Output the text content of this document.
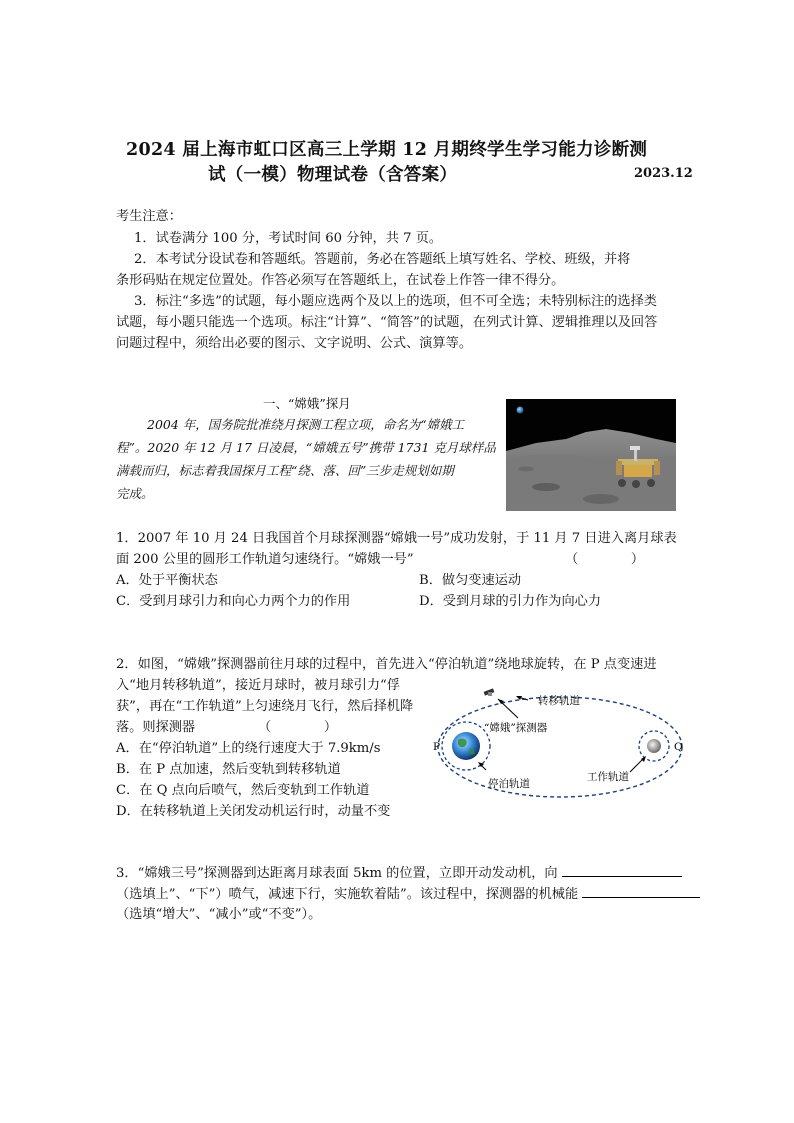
2024 届上海市虹口区高三上学期 12 月期终学生学习能力诊断测
试（一模）物理试卷（含答案）	2023.12
考生注意：
1．试卷满分 100 分，考试时间 60 分钟，共 7 页。
2．本考试分设试卷和答题纸。答题前，务必在答题纸上填写姓名、学校、班级，并将
条形码贴在规定位置处。作答必须写在答题纸上，在试卷上作答一律不得分。
3．标注“多选”的试题，每小题应选两个及以上的选项，但不可全选；未特别标注的选择类
试题，每小题只能选一个选项。标注“计算”、“简答”的试题，在列式计算、逻辑推理以及回答
问题过程中，须给出必要的图示、文字说明、公式、演算等。
一、“嫦娥”探月
2004 年，国务院批准绕月探测工程立项，命名为“嫦娥工
程”。2020 年 12 月 17 日凌晨，“嫦娥五号”携带 1731 克月球样品
满载而归，标志着我国探月工程“绕、落、回”三步走规划如期
完成。
1．2007 年 10 月 24 日我国首个月球探测器“嫦娥一号”成功发射，于 11 月 7 日进入离月球表
面 200 公里的圆形工作轨道匀速绕行。“嫦娥一号”	（　　　　）
A．处于平衡状态	B．做匀变速运动
C．受到月球引力和向心力两个力的作用	D．受到月球的引力作为向心力
2．如图，“嫦娥”探测器前往月球的过程中，首先进入“停泊轨道”绕地球旋转，在 P 点变速进
入“地月转移轨道”，接近月球时，被月球引力“俘
获”，再在“工作轨道”上匀速绕月飞行，然后择机降
落。则探测器	（　　　　）
A．在“停泊轨道”上的绕行速度大于 7.9km/s
B．在 P 点加速，然后变轨到转移轨道
C．在 Q 点向后喷气，然后变轨到工作轨道
D．在转移轨道上关闭发动机运行时，动量不变
转移轨道
“嫦娥”探测器
停泊轨道
工作轨道
P	Q
3．“嫦娥三号”探测器到达距离月球表面 5km 的位置，立即开动发动机，向
（选填上”、“下”）喷气，减速下行，实施软着陆”。该过程中，探测器的机械能
（选填“增大”、“减小”或“不变”）。
